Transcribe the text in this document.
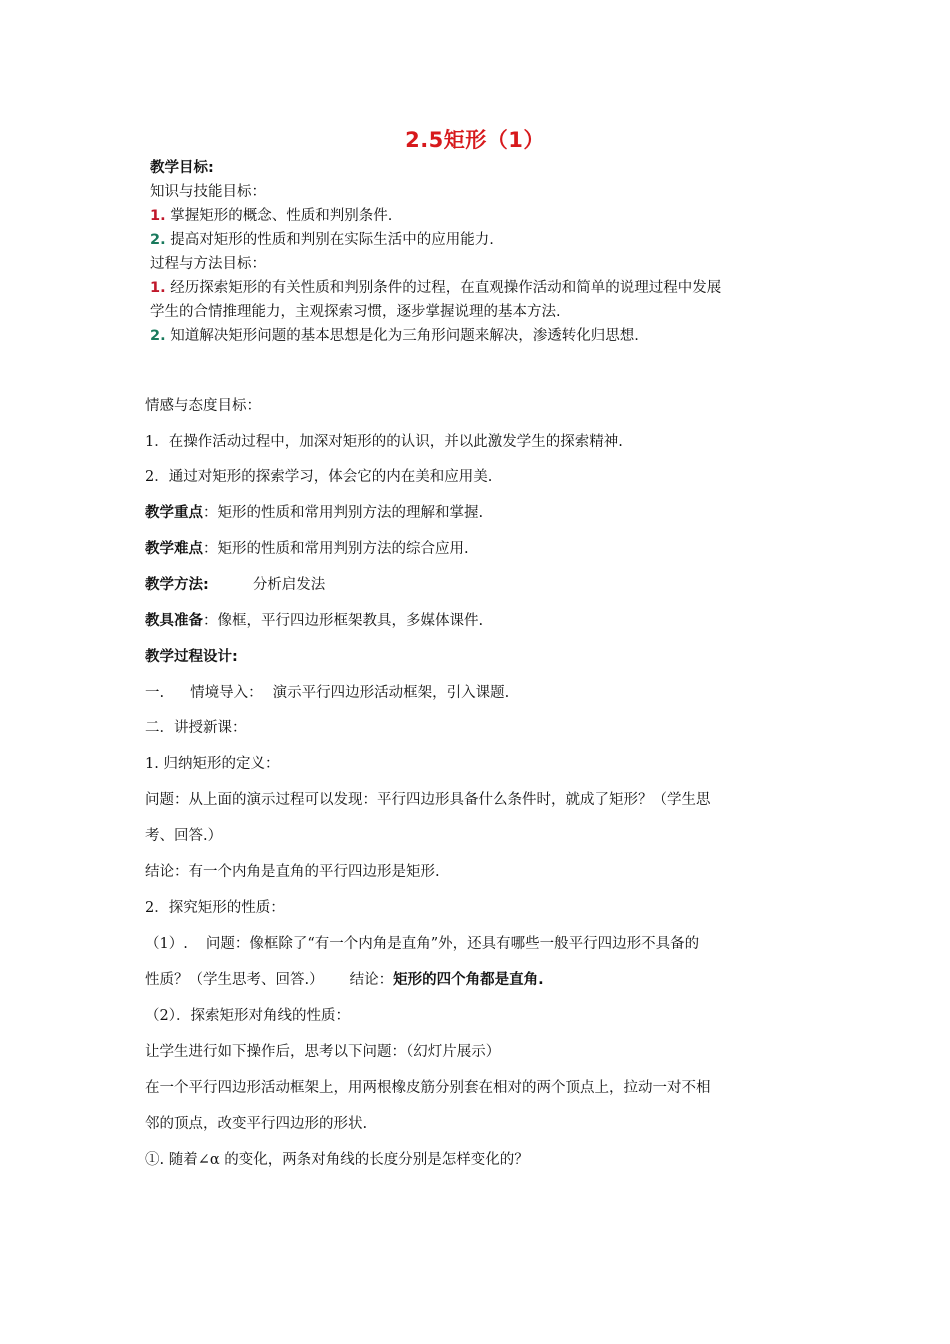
2.5矩形（1）
教学目标:
知识与技能目标：
1. 掌握矩形的概念、性质和判别条件.
2. 提高对矩形的性质和判别在实际生活中的应用能力.
过程与方法目标：
1. 经历探索矩形的有关性质和判别条件的过程，在直观操作活动和简单的说理过程中发展
学生的合情推理能力，主观探索习惯，逐步掌握说理的基本方法.
2. 知道解决矩形问题的基本思想是化为三角形问题来解决，渗透转化归思想.
情感与态度目标：
1．在操作活动过程中，加深对矩形的的认识，并以此激发学生的探索精神.
2．通过对矩形的探索学习，体会它的内在美和应用美.
教学重点：矩形的性质和常用判别方法的理解和掌握.
教学难点：矩形的性质和常用判别方法的综合应用.
教学方法:	分析启发法
教具准备：像框，平行四边形框架教具，多媒体课件.
教学过程设计:
一. 情境导入： 演示平行四边形活动框架，引入课题.
二．讲授新课：
1. 归纳矩形的定义：
问题：从上面的演示过程可以发现：平行四边形具备什么条件时，就成了矩形？（学生思
考、回答.）
结论：有一个内角是直角的平行四边形是矩形.
2．探究矩形的性质：
（1）. 问题：像框除了“有一个内角是直角”外，还具有哪些一般平行四边形不具备的
性质？（学生思考、回答.） 结论：矩形的四个角都是直角.
（2）．探索矩形对角线的性质：
让学生进行如下操作后，思考以下问题：（幻灯片展示）
在一个平行四边形活动框架上，用两根橡皮筋分别套在相对的两个顶点上，拉动一对不相
邻的顶点，改变平行四边形的形状.
①. 随着∠α 的变化，两条对角线的长度分别是怎样变化的？
